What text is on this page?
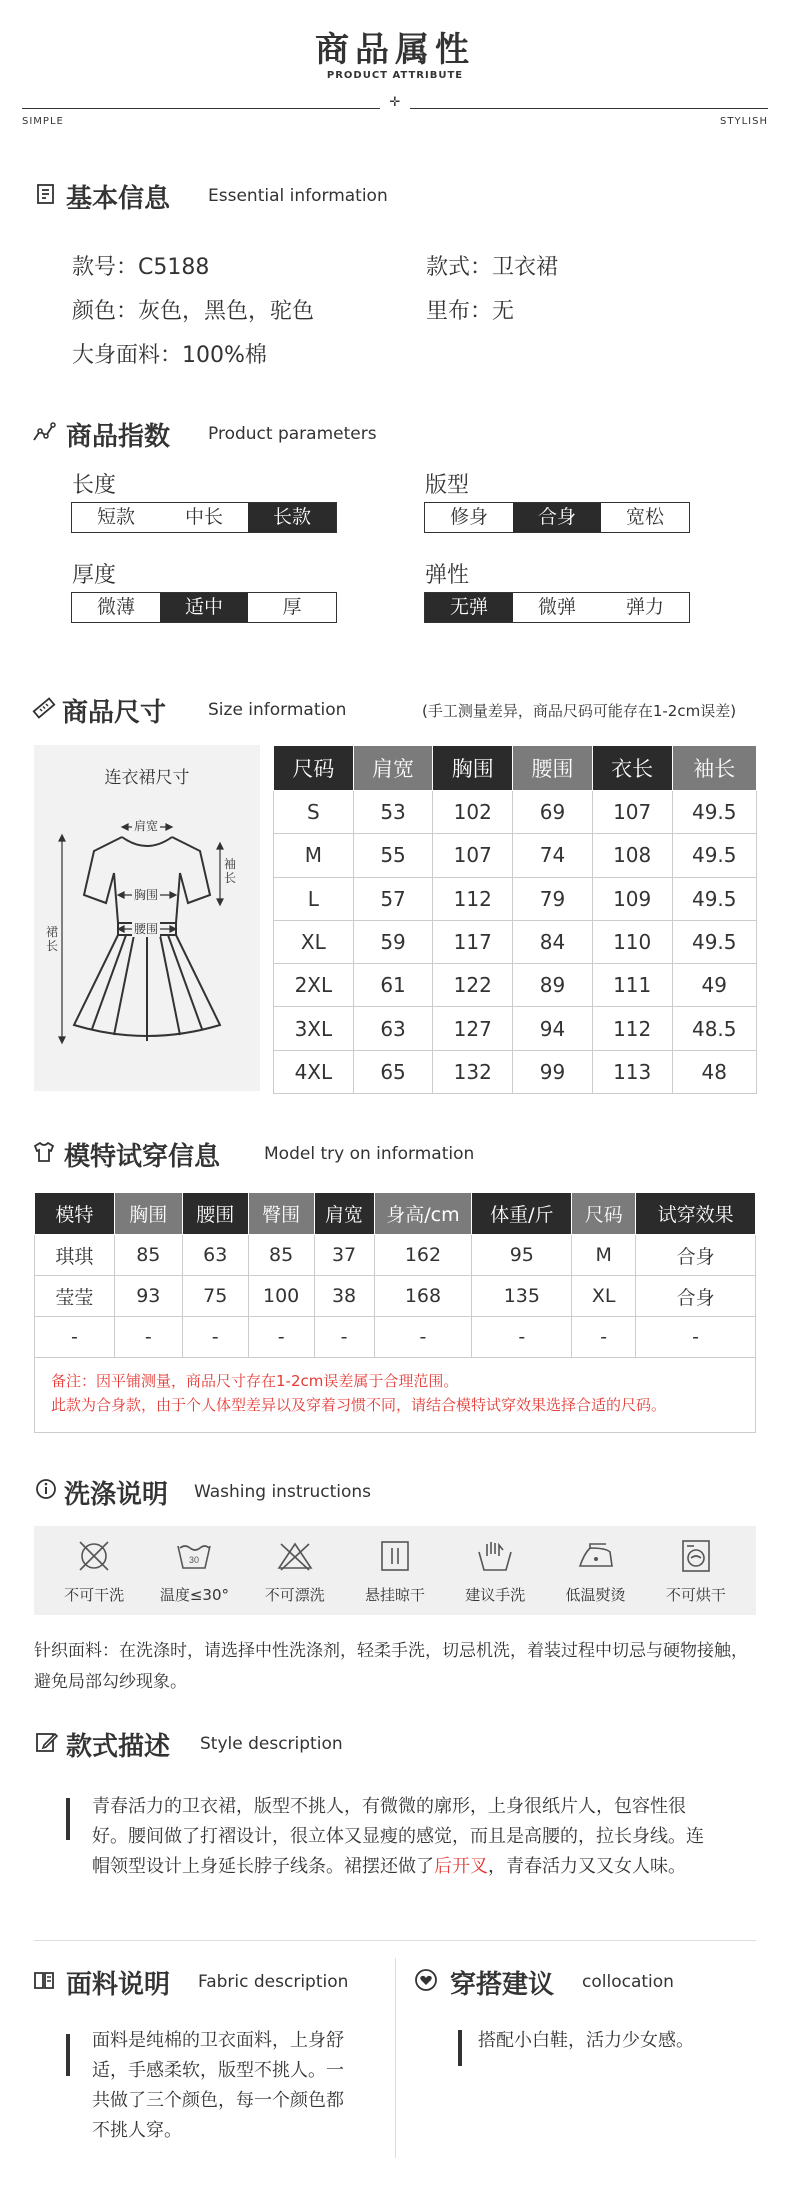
商品属性
PRODUCT ATTRIBUTE
✛
SIMPLE	STYLISH
基本信息 Essential information
款号：C5188	款式：卫衣裙
颜色：灰色，黑色，驼色	里布：无
大身面料：100%棉
商品指数 Product parameters
长度
短款	中长	长款
版型
修身	合身	宽松
厚度
微薄	适中	厚
弹性
无弹	微弹	弹力
商品尺寸 Size information	(手工测量差异，商品尺码可能存在1-2cm误差)
连衣裙尺寸
肩宽
胸围
腰围
袖长
裙长
尺码	肩宽	胸围	腰围	衣长	袖长
S	53	102	69	107	49.5
M	55	107	74	108	49.5
L	57	112	79	109	49.5
XL	59	117	84	110	49.5
2XL	61	122	89	111	49
3XL	63	127	94	112	48.5
4XL	65	132	99	113	48
模特试穿信息	Model try on information
模特	胸围	腰围	臀围	肩宽	身高/cm	体重/斤	尺码	试穿效果
琪琪	85	63	85	37	162	95	M	合身
莹莹	93	75	100	38	168	135	XL	合身
-	-	-	-	-	-	-	-	-
备注：因平铺测量，商品尺寸存在1-2cm误差属于合理范围。
此款为合身款，由于个人体型差异以及穿着习惯不同，请结合模特试穿效果选择合适的尺码。
洗涤说明 Washing instructions
不可干洗
30
温度≤30° 不可漂洗	悬挂晾干	建议手洗	低温熨烫	不可烘干
针织面料：在洗涤时，请选择中性洗涤剂，轻柔手洗，切忌机洗，着装过程中切忌与硬物接触，避免局部勾纱现象。
款式描述 Style description
青春活力的卫衣裙，版型不挑人，有微微的廓形，上身很纸片人，包容性很好。腰间做了打褶设计，很立体又显瘦的感觉，而且是高腰的，拉长身线。连帽领型设计上身延长脖子线条。裙摆还做了后开叉，青春活力又又女人味。
面料说明 Fabric description
面料是纯棉的卫衣面料，上身舒适，手感柔软，版型不挑人。一共做了三个颜色，每一个颜色都不挑人穿。
穿搭建议 collocation
搭配小白鞋，活力少女感。
